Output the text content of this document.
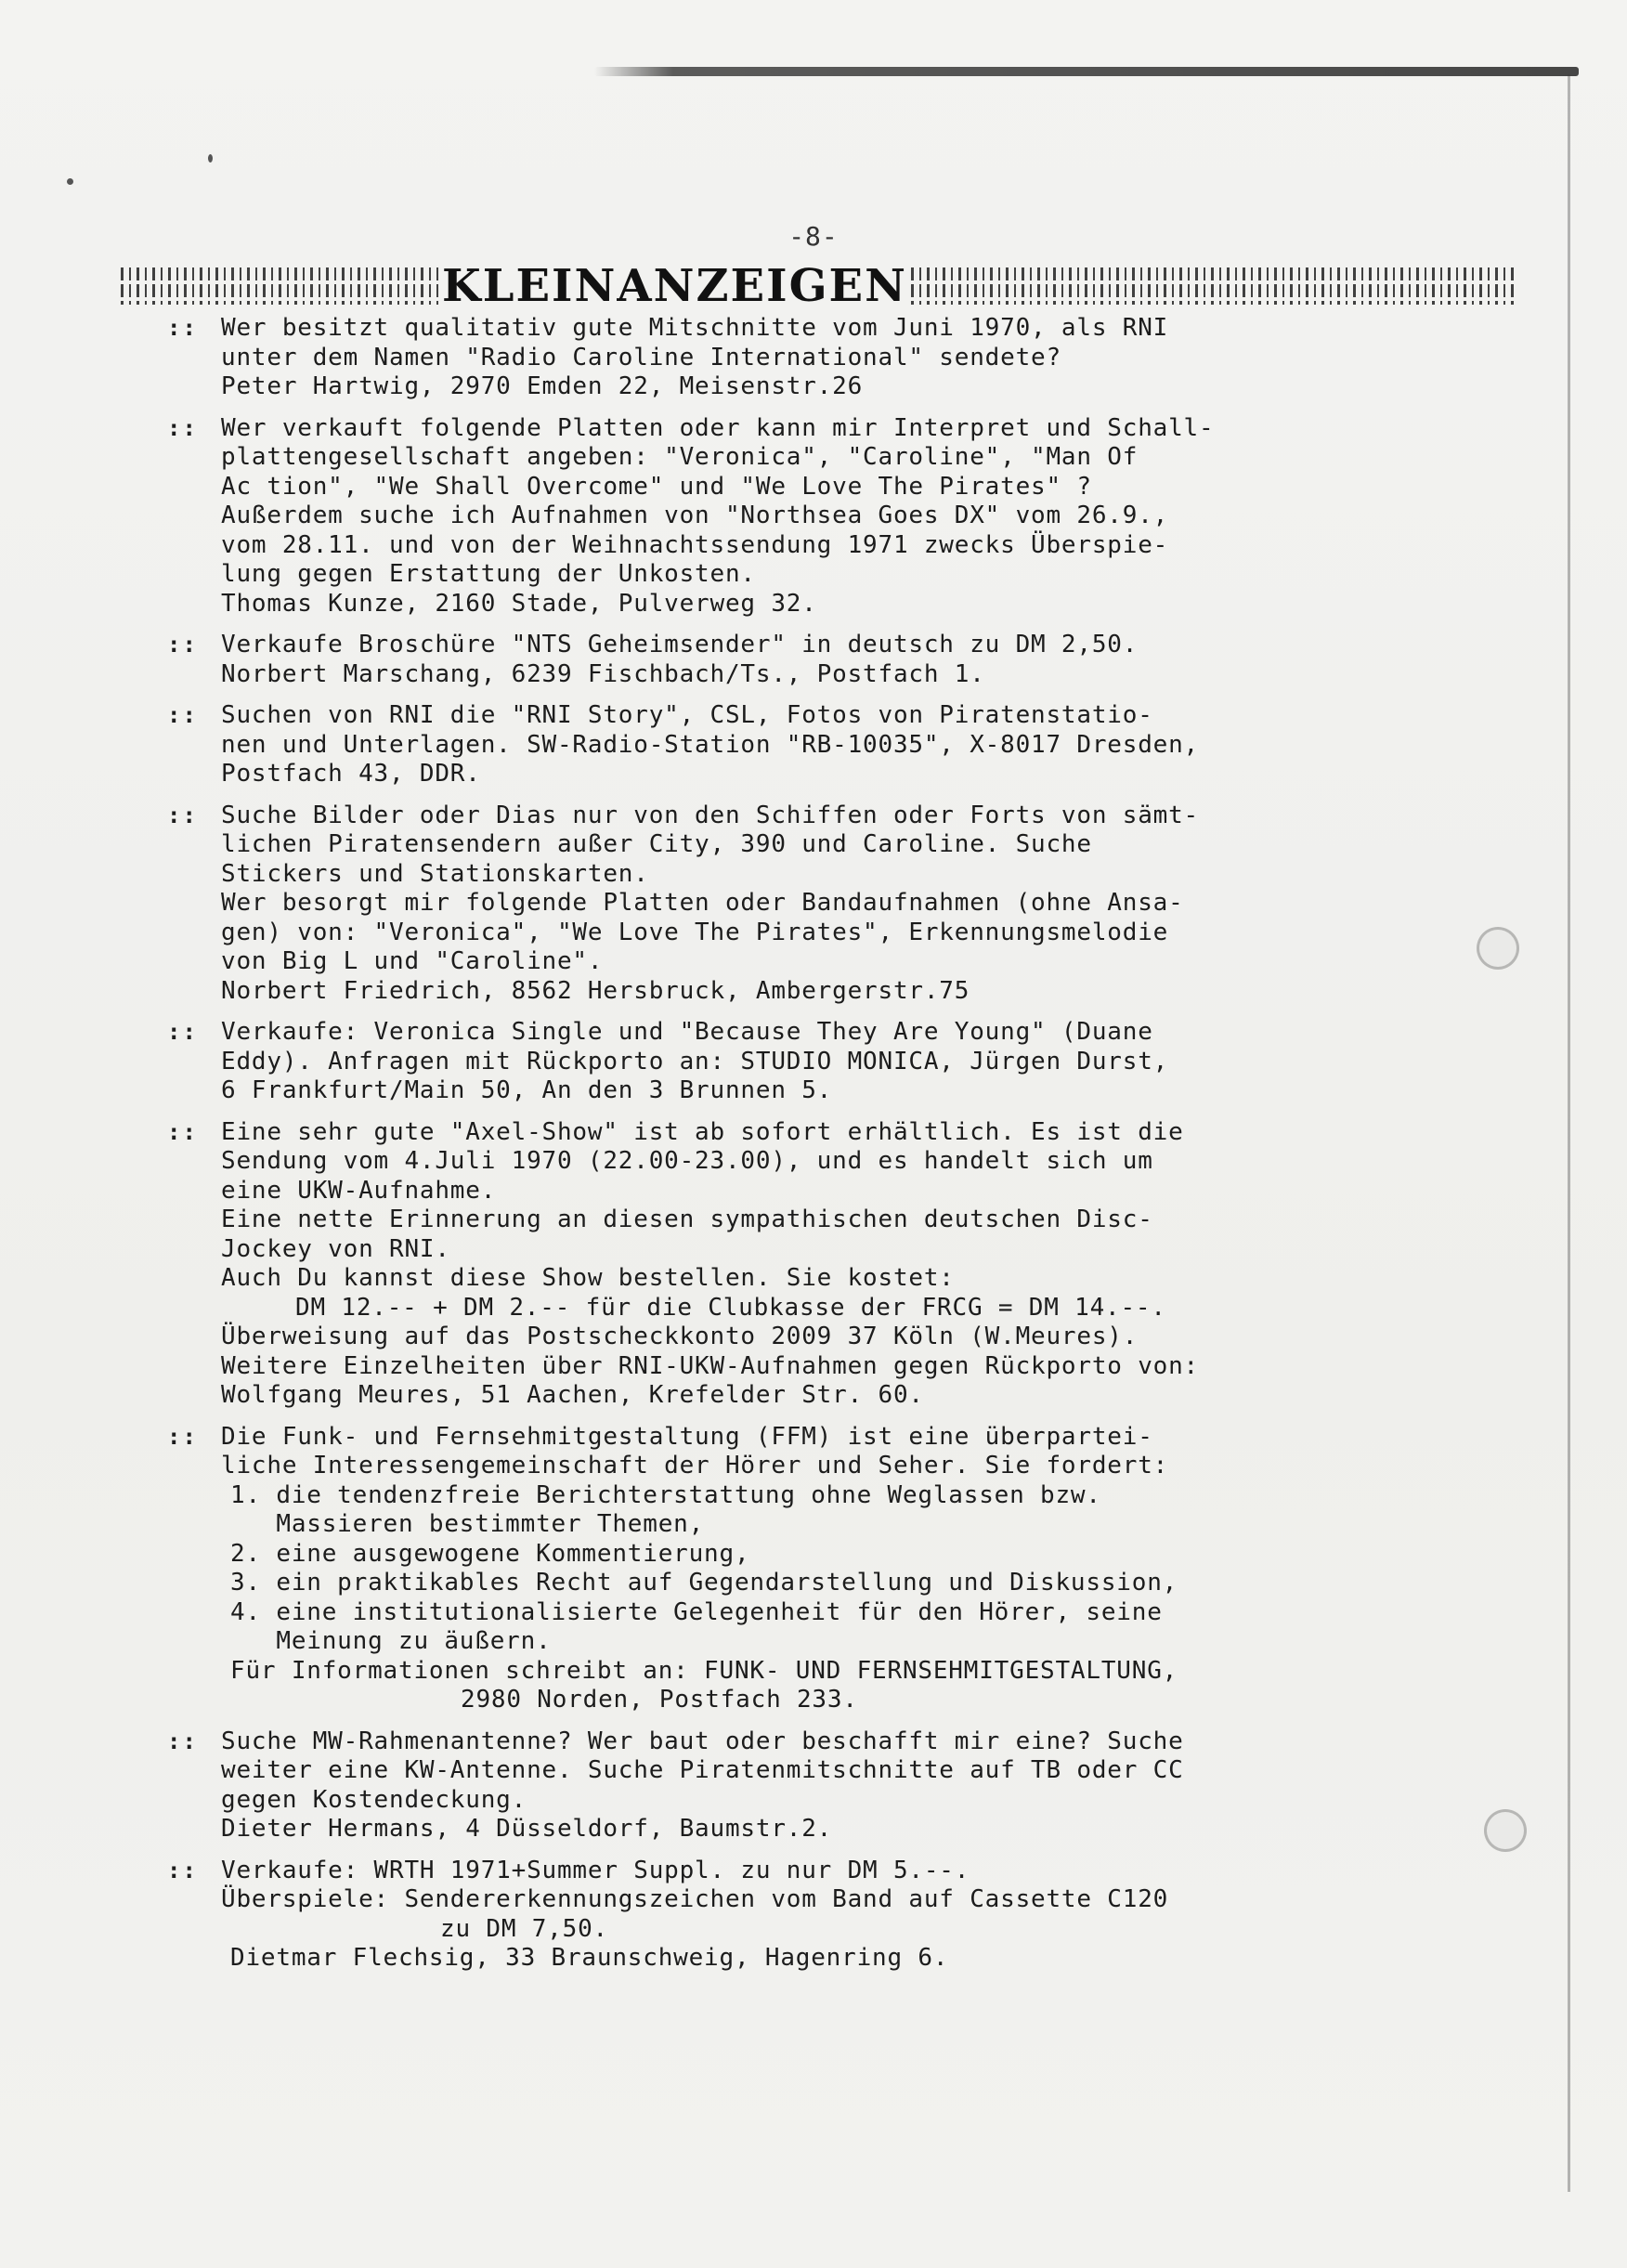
-8-
KLEINANZEIGEN
:: Wer besitzt qualitativ gute Mitschnitte vom Juni 1970, als RNI
unter dem Namen "Radio Caroline International" sendete?
Peter Hartwig, 2970 Emden 22, Meisenstr.26
:: Wer verkauft folgende Platten oder kann mir Interpret und Schall-
plattengesellschaft angeben: "Veronica", "Caroline", "Man Of
Ac tion", "We Shall Overcome" und "We Love The Pirates" ?
Außerdem suche ich Aufnahmen von "Northsea Goes DX" vom 26.9.,
vom 28.11. und von der Weihnachtssendung 1971 zwecks Überspie-
lung gegen Erstattung der Unkosten.
Thomas Kunze, 2160 Stade, Pulverweg 32.
:: Verkaufe Broschüre "NTS Geheimsender" in deutsch zu DM 2,50.
Norbert Marschang, 6239 Fischbach/Ts., Postfach 1.
:: Suchen von RNI die "RNI Story", CSL, Fotos von Piratenstatio-
nen und Unterlagen. SW-Radio-Station "RB-10035", X-8017 Dresden,
Postfach 43, DDR.
:: Suche Bilder oder Dias nur von den Schiffen oder Forts von sämt-
lichen Piratensendern außer City, 390 und Caroline. Suche
Stickers und Stationskarten.
Wer besorgt mir folgende Platten oder Bandaufnahmen (ohne Ansa-
gen) von: "Veronica", "We Love The Pirates", Erkennungsmelodie
von Big L und "Caroline".
Norbert Friedrich, 8562 Hersbruck, Ambergerstr.75
:: Verkaufe: Veronica Single und "Because They Are Young" (Duane
Eddy). Anfragen mit Rückporto an: STUDIO MONICA, Jürgen Durst,
6 Frankfurt/Main 50, An den 3 Brunnen 5.
:: Eine sehr gute "Axel-Show" ist ab sofort erhältlich. Es ist die
Sendung vom 4.Juli 1970 (22.00-23.00), und es handelt sich um
eine UKW-Aufnahme.
Eine nette Erinnerung an diesen sympathischen deutschen Disc-
Jockey von RNI.
Auch Du kannst diese Show bestellen. Sie kostet:
DM 12.-- + DM 2.-- für die Clubkasse der FRCG = DM 14.--.
Überweisung auf das Postscheckkonto 2009 37 Köln (W.Meures).
Weitere Einzelheiten über RNI-UKW-Aufnahmen gegen Rückporto von:
Wolfgang Meures, 51 Aachen, Krefelder Str. 60.
:: Die Funk- und Fernsehmitgestaltung (FFM) ist eine überpartei-
liche Interessengemeinschaft der Hörer und Seher. Sie fordert:
1. die tendenzfreie Berichterstattung ohne Weglassen bzw.
Massieren bestimmter Themen,
2. eine ausgewogene Kommentierung,
3. ein praktikables Recht auf Gegendarstellung und Diskussion,
4. eine institutionalisierte Gelegenheit für den Hörer, seine
Meinung zu äußern.
Für Informationen schreibt an: FUNK- UND FERNSEHMITGESTALTUNG,
2980 Norden, Postfach 233.
:: Suche MW-Rahmenantenne? Wer baut oder beschafft mir eine? Suche
weiter eine KW-Antenne. Suche Piratenmitschnitte auf TB oder CC
gegen Kostendeckung.
Dieter Hermans, 4 Düsseldorf, Baumstr.2.
:: Verkaufe: WRTH 1971+Summer Suppl. zu nur DM 5.--.
Überspiele: Sendererkennungszeichen vom Band auf Cassette C120
zu DM 7,50.
Dietmar Flechsig, 33 Braunschweig, Hagenring 6.
